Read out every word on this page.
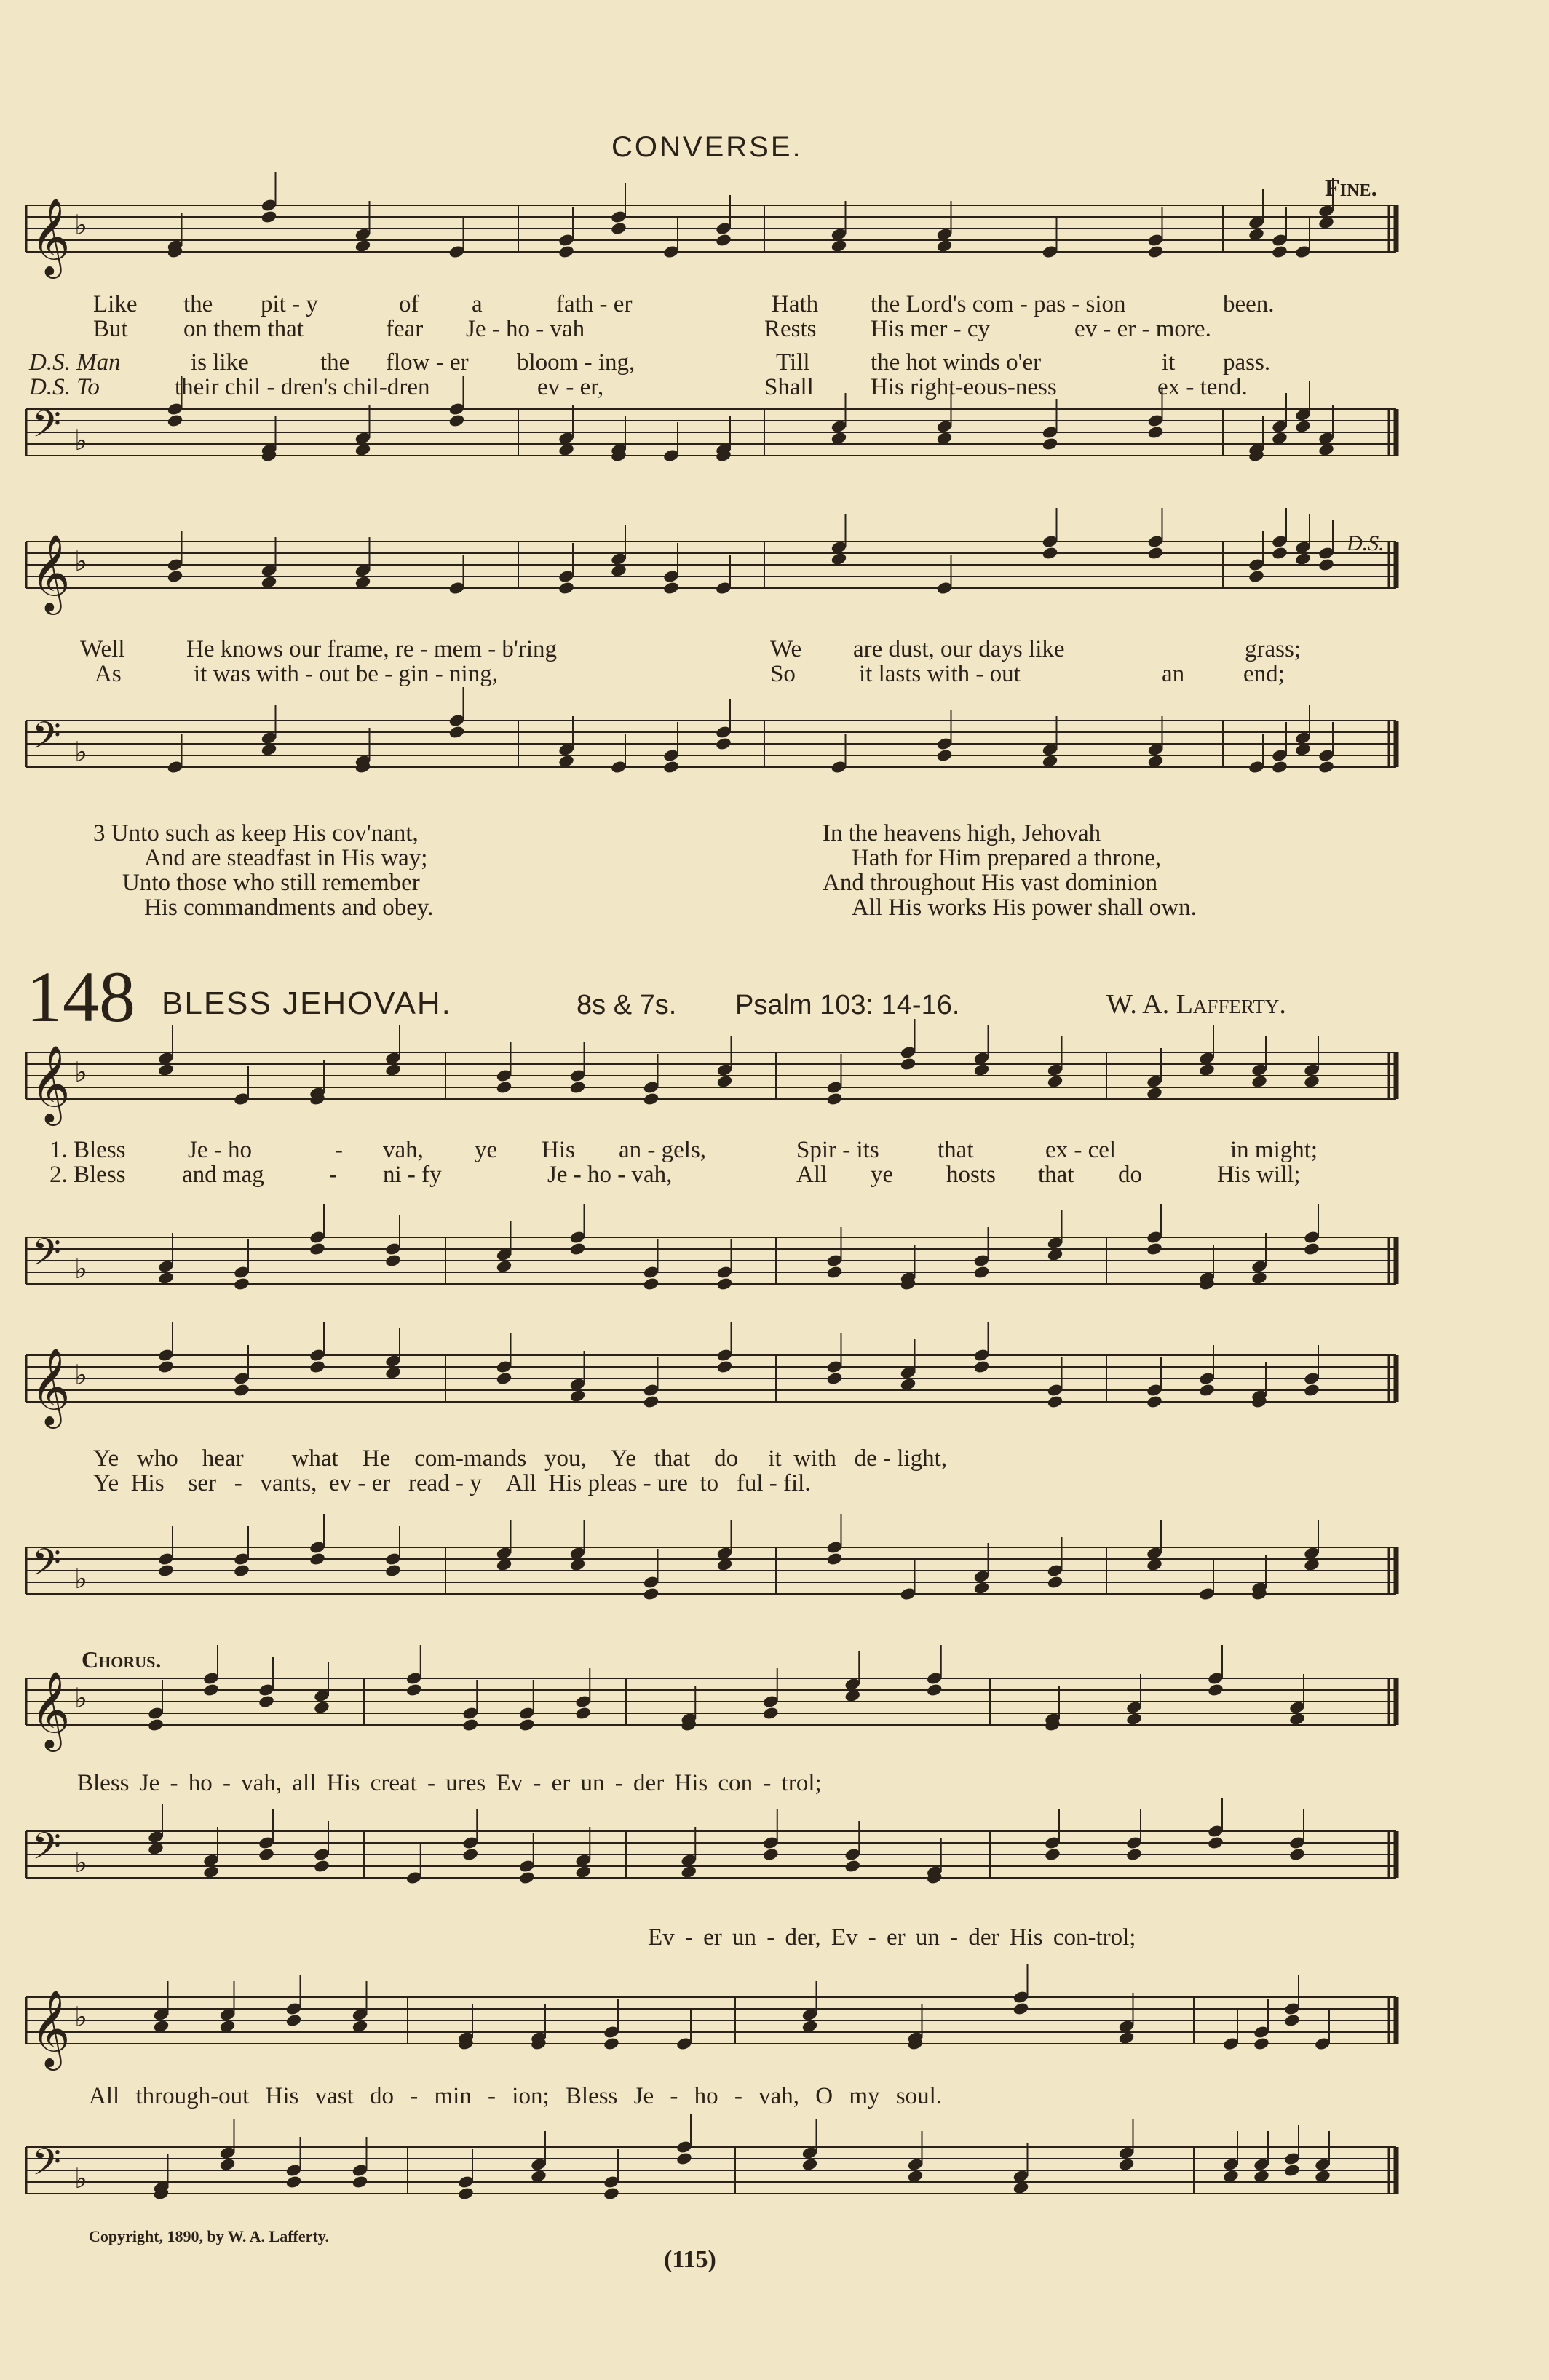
CONVERSE.
Fine.
D.S.
𝄞 ♭
𝄢 ♭
𝄞 ♭
𝄢 ♭
𝄞 ♭
𝄢 ♭
𝄞 ♭
𝄢 ♭
𝄞 ♭
𝄢 ♭
𝄞 ♭
𝄢 ♭
Like the pit - y	of a	fath - er	Hath the Lord's com - pas - sion	been.
But on them that	fear Je - ho - vah	Rests His mer - cy	ev - er - more.
D.S. Man	is like	the flow - er bloom - ing,	Till	the hot winds o'er	it pass.
D.S. To	their chil - dren's chil-dren	ev - er,	Shall His right-eous-ness	ex - tend.
Well	He knows our frame, re - mem - b'ring	We are dust, our days like	grass;
As	it was with - out be - gin - ning,	So	it lasts with - out	an end;
3 Unto such as keep His cov'nant,
And are steadfast in His way;
Unto those who still remember
His commandments and obey.
In the heavens high, Jehovah
Hath for Him prepared a throne,
And throughout His vast dominion
All His works His power shall own.
148 BLESS JEHOVAH.	8s & 7s. Psalm 103: 14-16.	W. A. Lafferty.
1. Bless	Je - ho	- vah, ye His an - gels,	Spir - its that	ex - cel	in might;
2. Bless and mag	- ni - fy	Je - ho - vah,	All ye hosts that do	His will;
Ye who hear what He com-mands you, Ye that do it with de - light,
Ye His ser - vants, ev - er read - y All His pleas - ure to ful - fil.
Chorus.
Bless Je - ho - vah, all His creat - ures Ev - er un - der His con - trol;
Ev - er un - der, Ev - er un - der His con-trol;
All through-out His vast do - min - ion; Bless Je - ho - vah, O my soul.
Copyright, 1890, by W. A. Lafferty.
(115)
